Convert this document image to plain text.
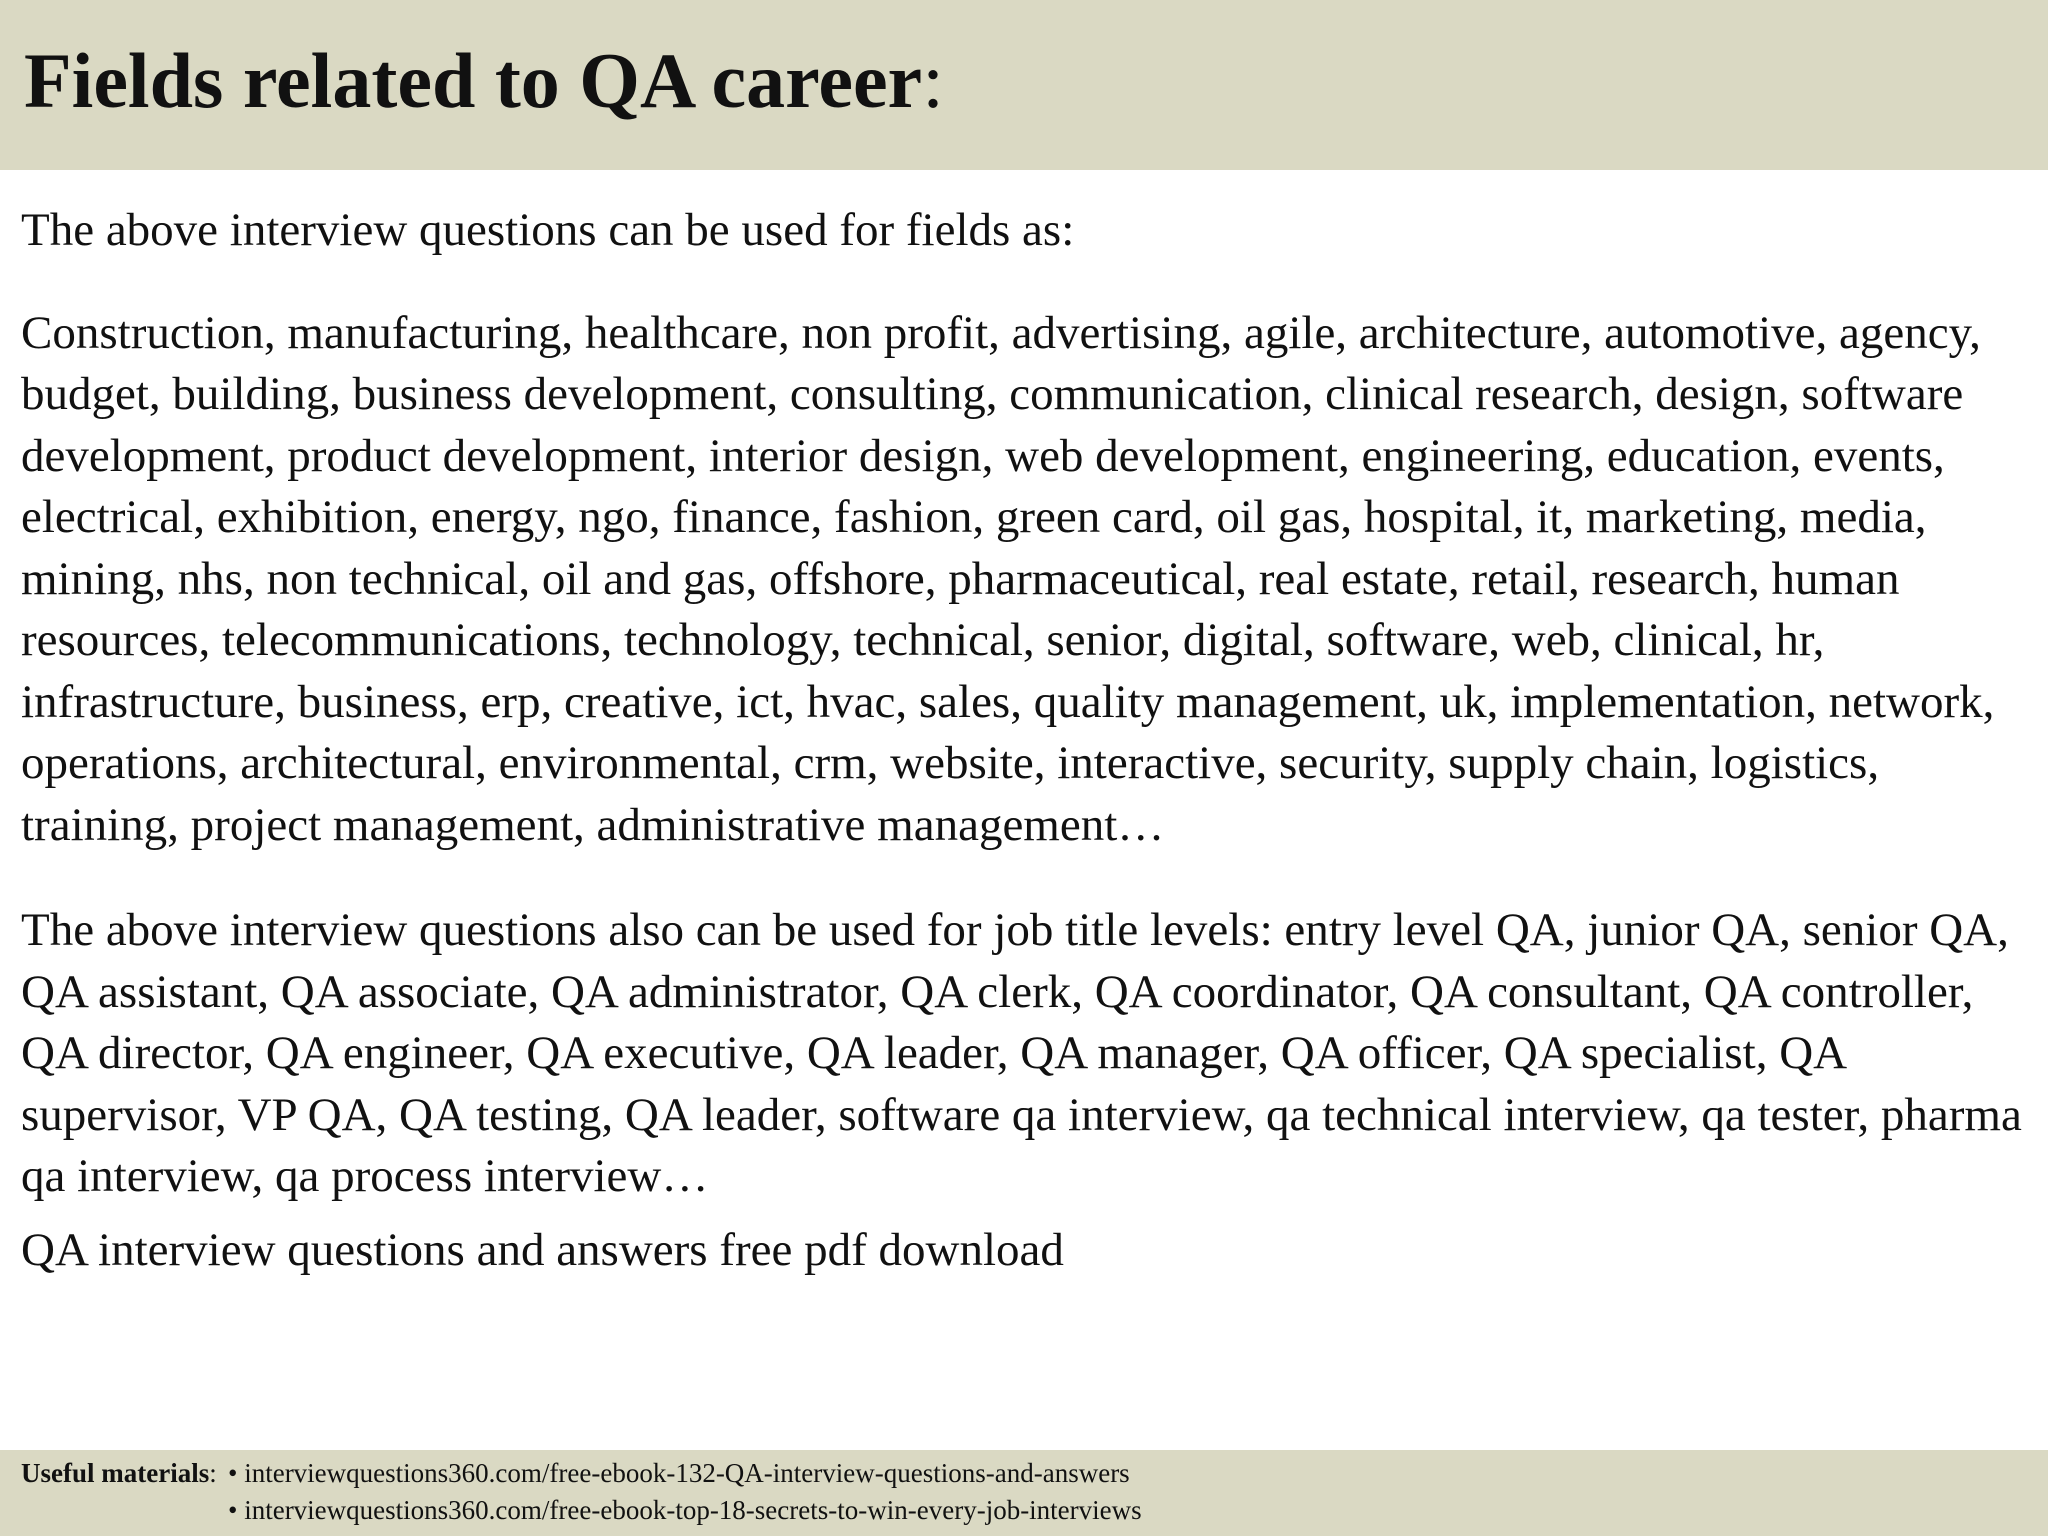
Fields related to QA career:

The above interview questions can be used for fields as:

Construction, manufacturing, healthcare, non profit, advertising, agile, architecture, automotive, agency, budget, building, business development, consulting, communication, clinical research, design, software development, product development, interior design, web development, engineering, education, events, electrical, exhibition, energy, ngo, finance, fashion, green card, oil gas, hospital, it, marketing, media, mining, nhs, non technical, oil and gas, offshore, pharmaceutical, real estate, retail, research, human resources, telecommunications, technology, technical, senior, digital, software, web, clinical, hr, infrastructure, business, erp, creative, ict, hvac, sales, quality management, uk, implementation, network, operations, architectural, environmental, crm, website, interactive, security, supply chain, logistics, training, project management, administrative management…

The above interview questions also can be used for job title levels: entry level QA, junior QA, senior QA, QA assistant, QA associate, QA administrator, QA clerk, QA coordinator, QA consultant, QA controller, QA director, QA engineer, QA executive, QA leader, QA manager, QA officer, QA specialist, QA supervisor, VP QA, QA testing, QA leader, software qa interview, qa technical interview, qa tester, pharma qa interview, qa process interview…

QA interview questions and answers free pdf download

Useful materials: • interviewquestions360.com/free-ebook-132-QA-interview-questions-and-answers
• interviewquestions360.com/free-ebook-top-18-secrets-to-win-every-job-interviews
